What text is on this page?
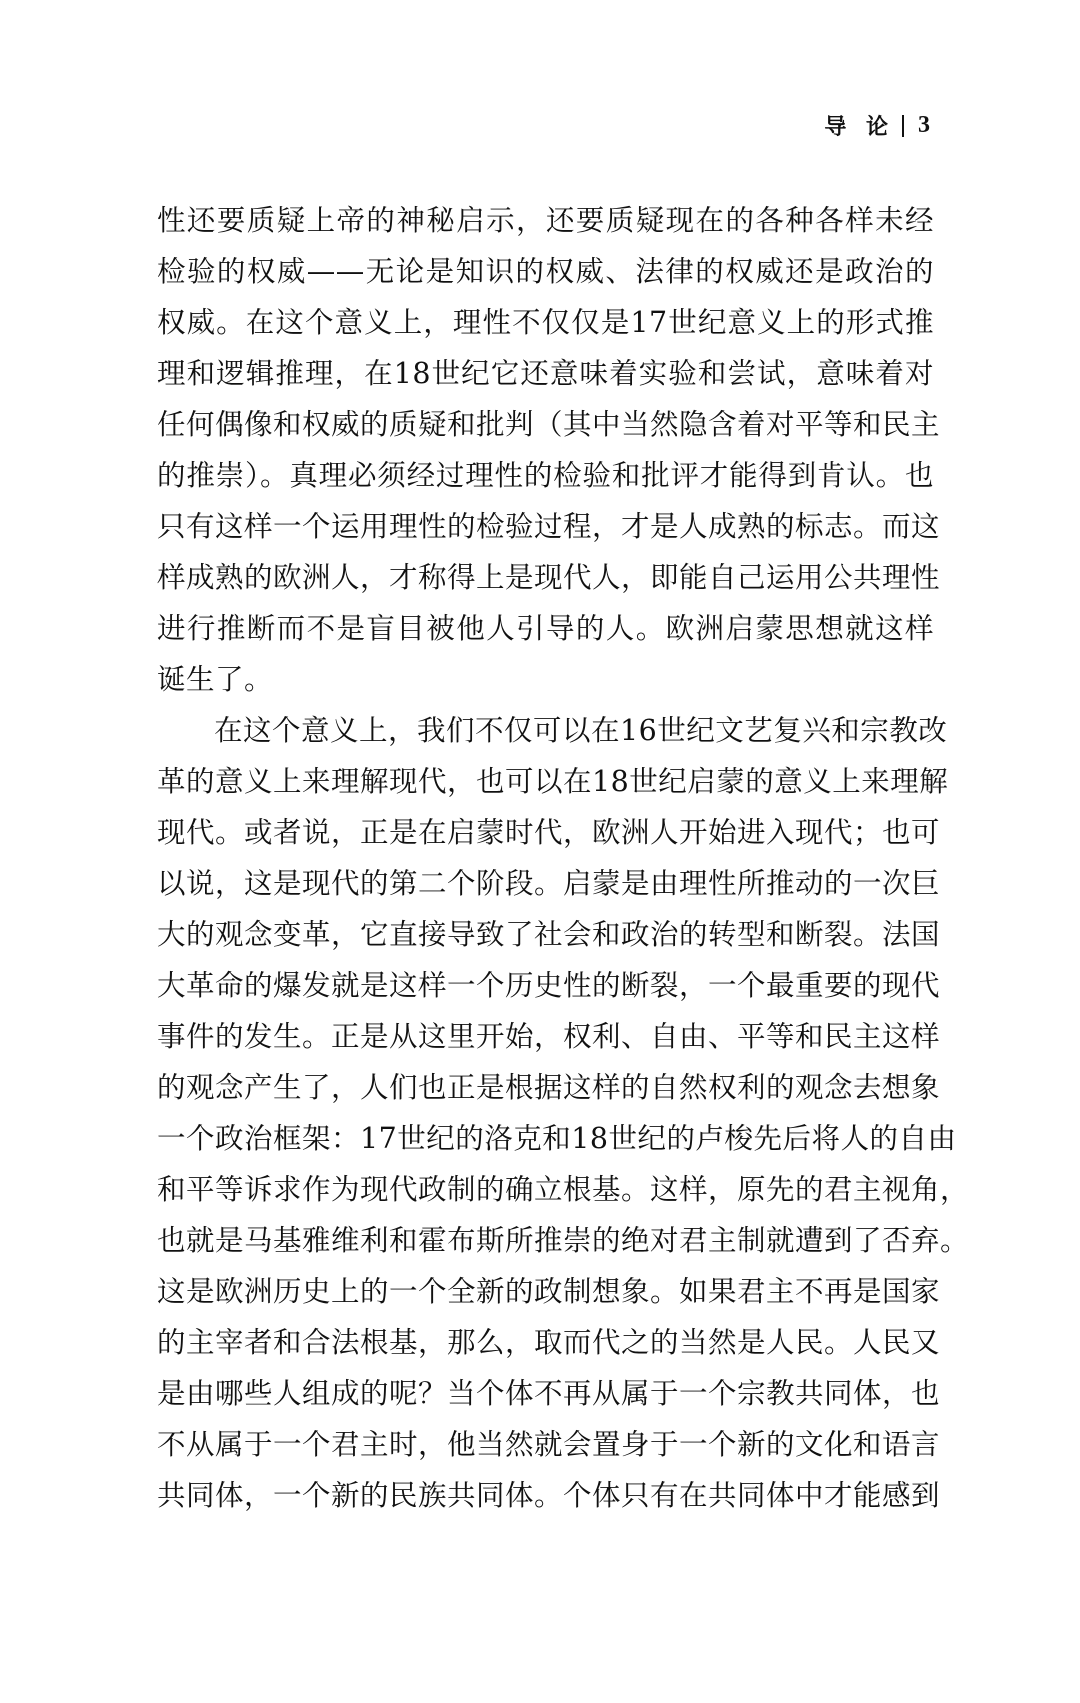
导 论 3
性还要质疑上帝的神秘启示，还要质疑现在的各种各样未经
检验的权威——无论是知识的权威、法律的权威还是政治的
权威。在这个意义上，理性不仅仅是17世纪意义上的形式推
理和逻辑推理，在18世纪它还意味着实验和尝试，意味着对
任何偶像和权威的质疑和批判（其中当然隐含着对平等和民主
的推崇）。真理必须经过理性的检验和批评才能得到肯认。也
只有这样一个运用理性的检验过程，才是人成熟的标志。而这
样成熟的欧洲人，才称得上是现代人，即能自己运用公共理性
进行推断而不是盲目被他人引导的人。欧洲启蒙思想就这样
诞生了。
在这个意义上，我们不仅可以在16世纪文艺复兴和宗教改
革的意义上来理解现代，也可以在18世纪启蒙的意义上来理解
现代。或者说，正是在启蒙时代，欧洲人开始进入现代；也可
以说，这是现代的第二个阶段。启蒙是由理性所推动的一次巨
大的观念变革，它直接导致了社会和政治的转型和断裂。法国
大革命的爆发就是这样一个历史性的断裂，一个最重要的现代
事件的发生。正是从这里开始，权利、自由、平等和民主这样
的观念产生了，人们也正是根据这样的自然权利的观念去想象
一个政治框架：17世纪的洛克和18世纪的卢梭先后将人的自由
和平等诉求作为现代政制的确立根基。这样，原先的君主视角，
也就是马基雅维利和霍布斯所推崇的绝对君主制就遭到了否弃。
这是欧洲历史上的一个全新的政制想象。如果君主不再是国家
的主宰者和合法根基，那么，取而代之的当然是人民。人民又
是由哪些人组成的呢？当个体不再从属于一个宗教共同体，也
不从属于一个君主时，他当然就会置身于一个新的文化和语言
共同体，一个新的民族共同体。个体只有在共同体中才能感到
